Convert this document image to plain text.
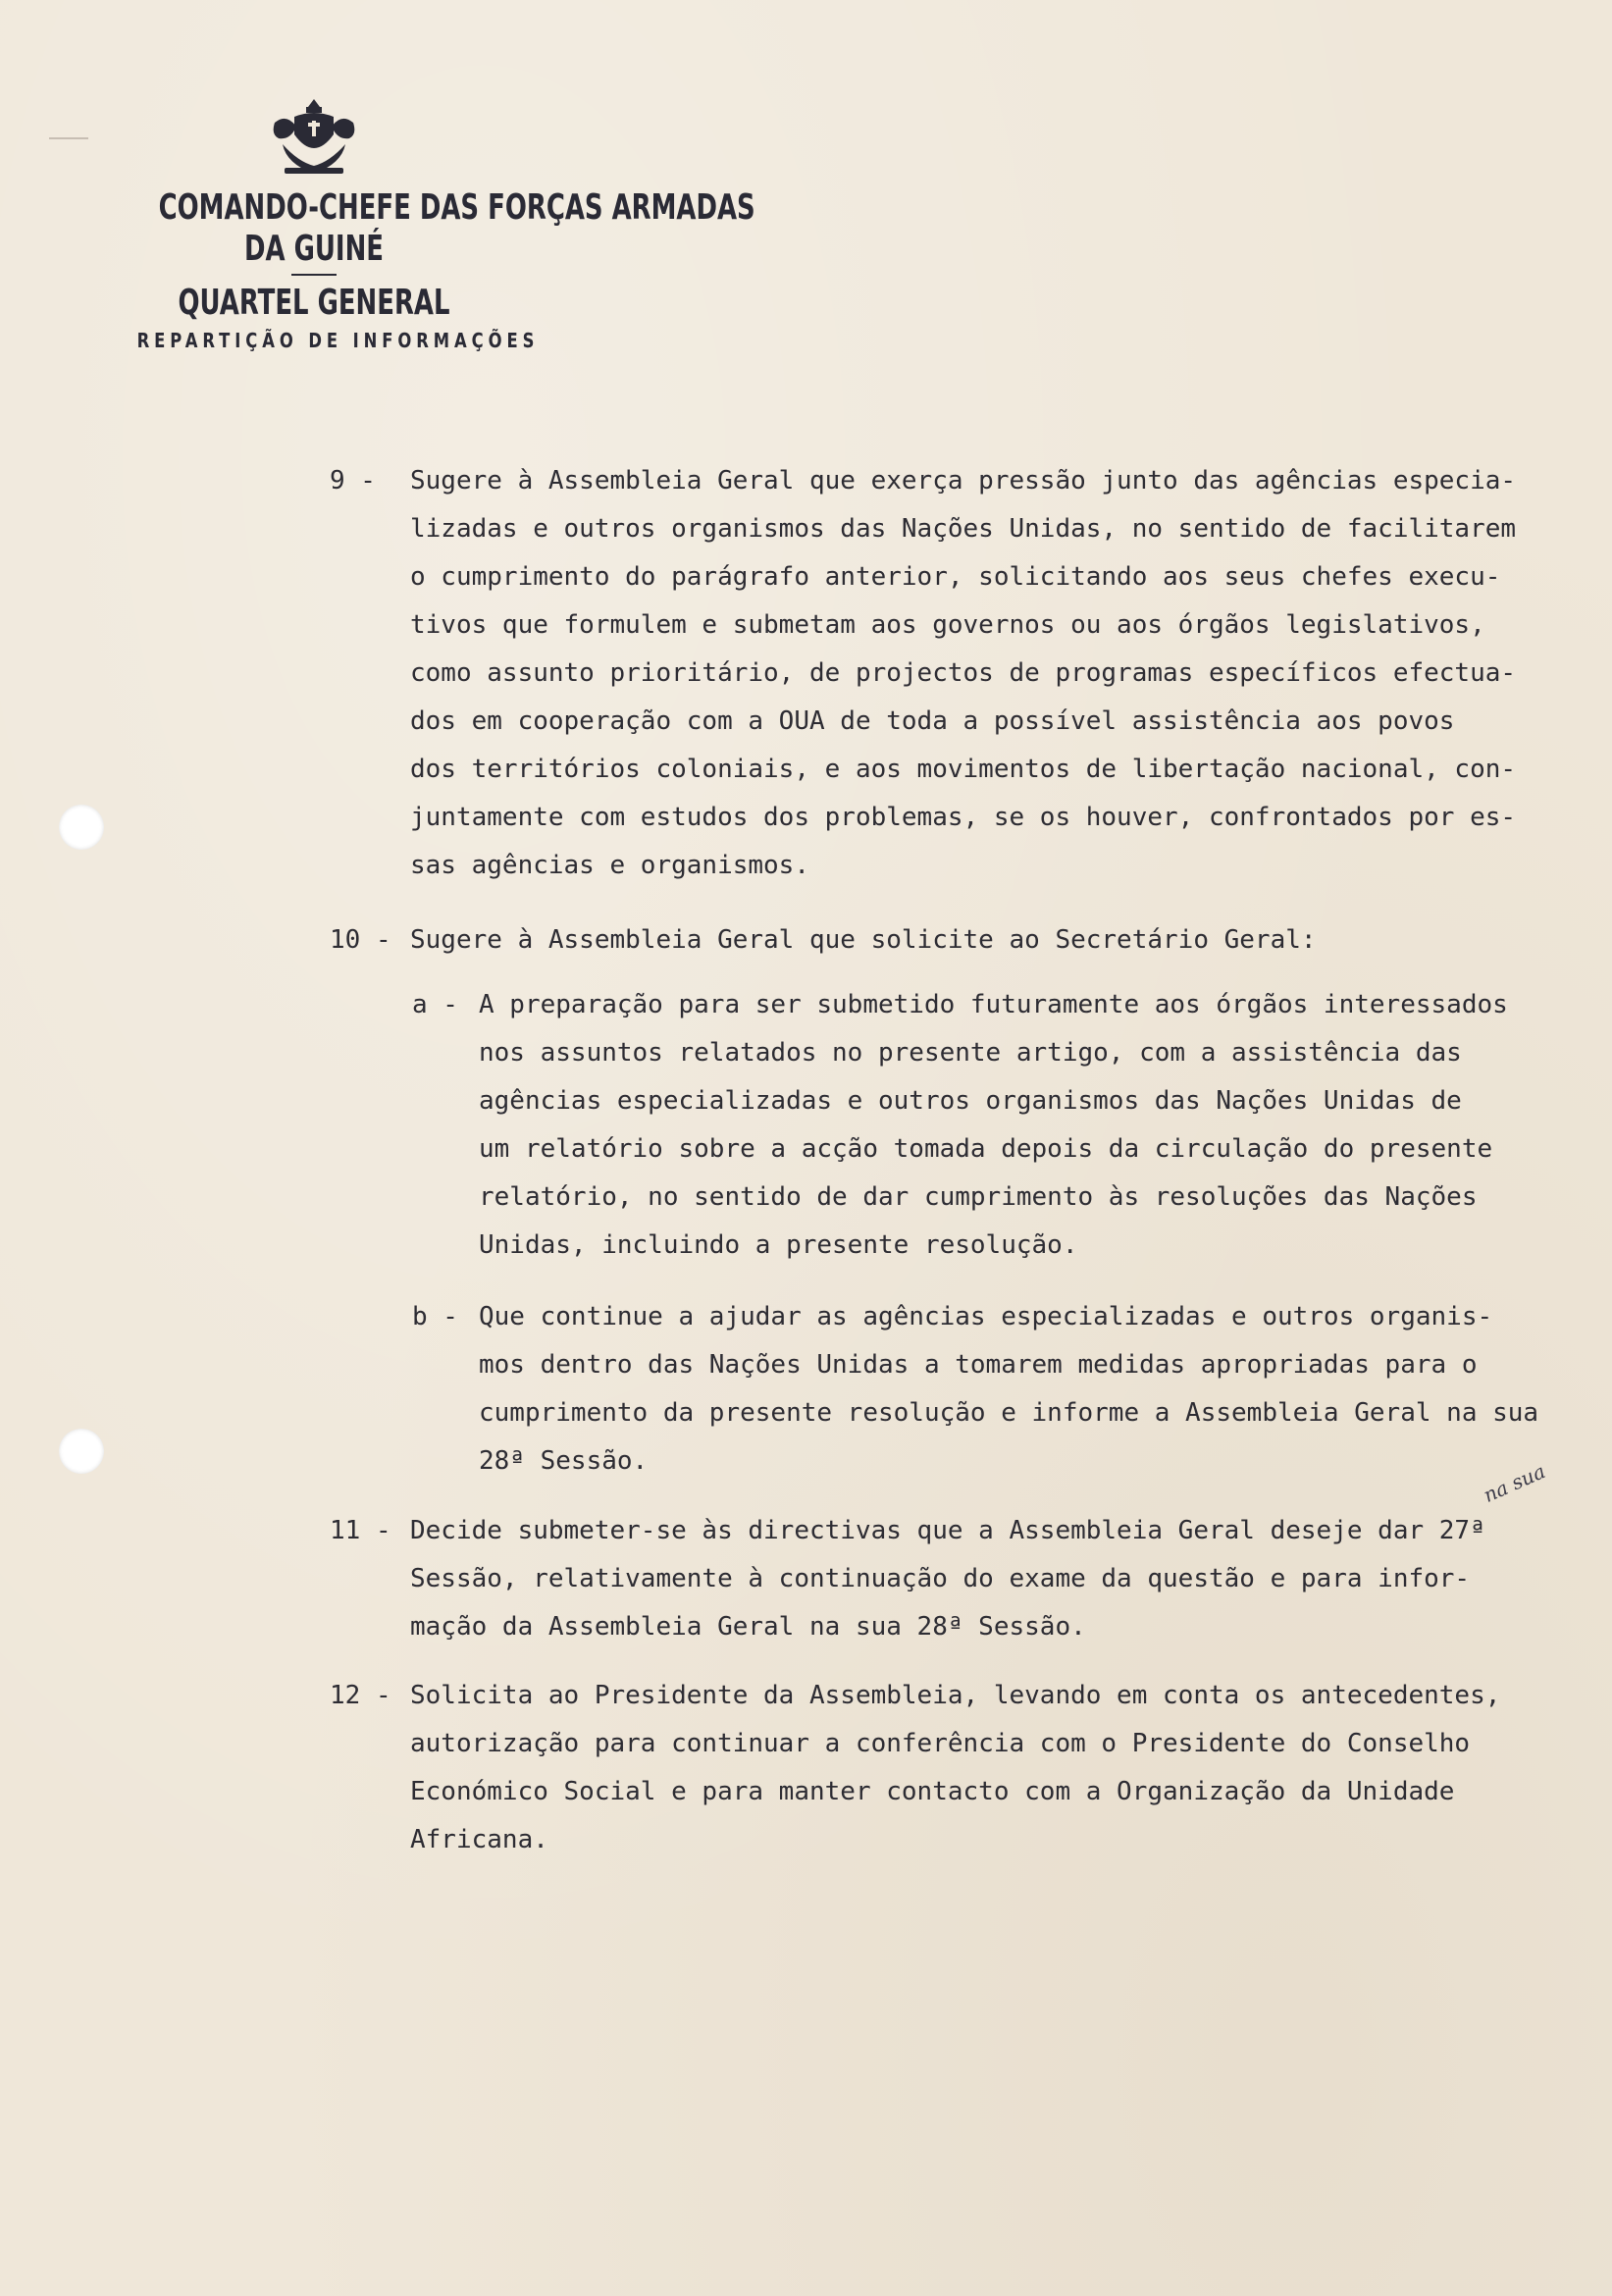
COMANDO-CHEFE DAS FORÇAS ARMADAS
DA GUINÉ
QUARTEL GENERAL
REPARTIÇÃO DE INFORMAÇÕES
9 - Sugere à Assembleia Geral que exerça pressão junto das agências especia-
lizadas e outros organismos das Nações Unidas, no sentido de facilitarem
o cumprimento do parágrafo anterior, solicitando aos seus chefes execu-
tivos que formulem e submetam aos governos ou aos órgãos legislativos,
como assunto prioritário, de projectos de programas específicos efectua-
dos em cooperação com a OUA de toda a possível assistência aos povos
dos territórios coloniais, e aos movimentos de libertação nacional, con-
juntamente com estudos dos problemas, se os houver, confrontados por es-
sas agências e organismos.
10 - Sugere à Assembleia Geral que solicite ao Secretário Geral:
a - A preparação para ser submetido futuramente aos órgãos interessados
nos assuntos relatados no presente artigo, com a assistência das
agências especializadas e outros organismos das Nações Unidas de
um relatório sobre a acção tomada depois da circulação do presente
relatório, no sentido de dar cumprimento às resoluções das Nações
Unidas, incluindo a presente resolução.
b - Que continue a ajudar as agências especializadas e outros organis-
mos dentro das Nações Unidas a tomarem medidas apropriadas para o
cumprimento da presente resolução e informe a Assembleia Geral na sua
28ª Sessão.
11 - Decide submeter-se às directivas que a Assembleia Geral deseje dar 27ª
Sessão, relativamente à continuação do exame da questão e para infor-
mação da Assembleia Geral na sua 28ª Sessão.
na sua
12 - Solicita ao Presidente da Assembleia, levando em conta os antecedentes,
autorização para continuar a conferência com o Presidente do Conselho
Económico Social e para manter contacto com a Organização da Unidade
Africana.
